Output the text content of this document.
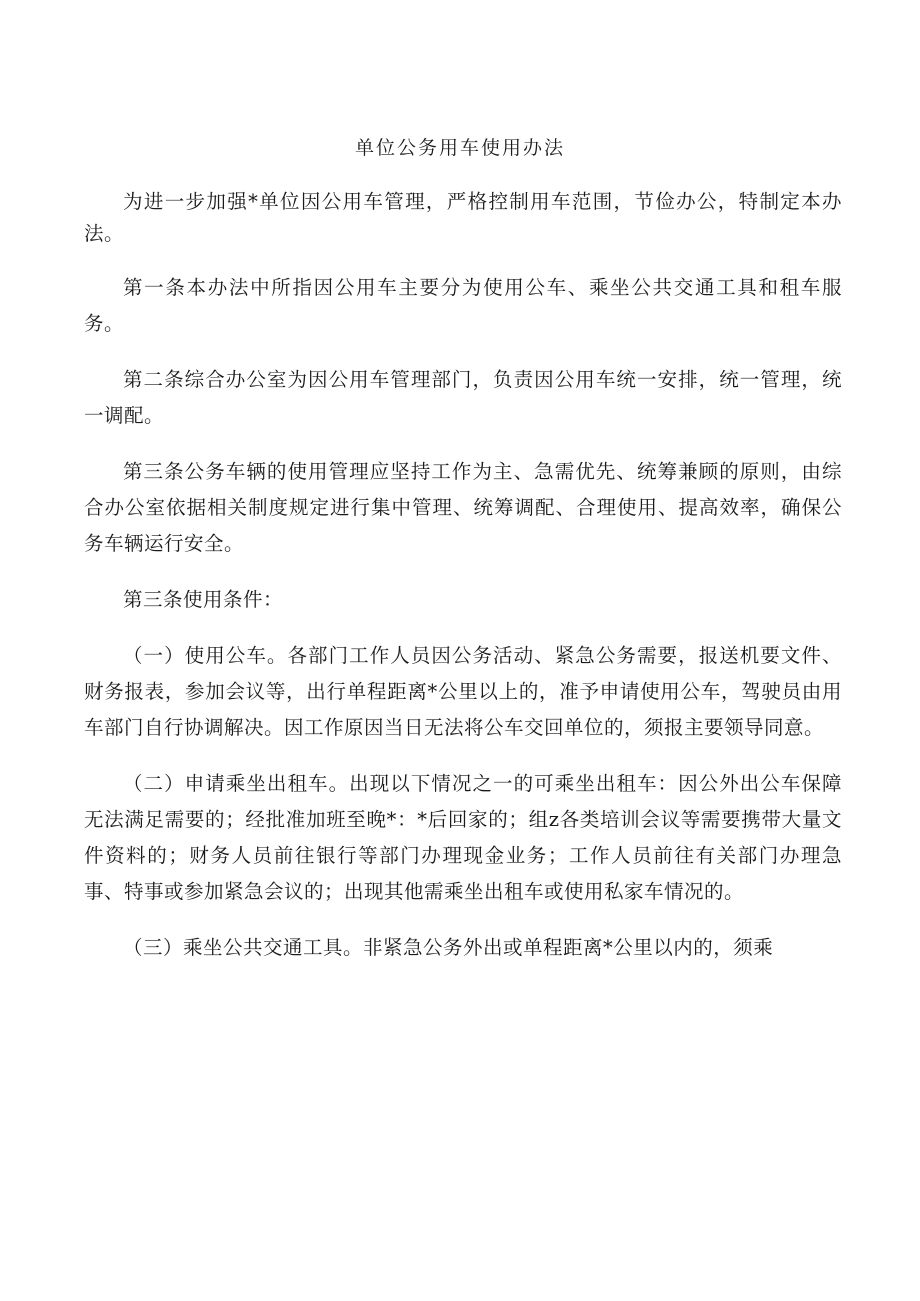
单位公务用车使用办法

为进一步加强*单位因公用车管理，严格控制用车范围，节俭办公，特制定本办法。

第一条本办法中所指因公用车主要分为使用公车、乘坐公共交通工具和租车服务。

第二条综合办公室为因公用车管理部门，负责因公用车统一安排，统一管理，统一调配。

第三条公务车辆的使用管理应坚持工作为主、急需优先、统筹兼顾的原则，由综合办公室依据相关制度规定进行集中管理、统筹调配、合理使用、提高效率，确保公务车辆运行安全。

第三条使用条件：

（一）使用公车。各部门工作人员因公务活动、紧急公务需要，报送机要文件、财务报表，参加会议等，出行单程距离*公里以上的，准予申请使用公车，驾驶员由用车部门自行协调解决。因工作原因当日无法将公车交回单位的，须报主要领导同意。

（二）申请乘坐出租车。出现以下情况之一的可乘坐出租车：因公外出公车保障无法满足需要的；经批准加班至晚*：*后回家的；组z各类培训会议等需要携带大量文件资料的；财务人员前往银行等部门办理现金业务；工作人员前往有关部门办理急事、特事或参加紧急会议的；出现其他需乘坐出租车或使用私家车情况的。

（三）乘坐公共交通工具。非紧急公务外出或单程距离*公里以内的，须乘
